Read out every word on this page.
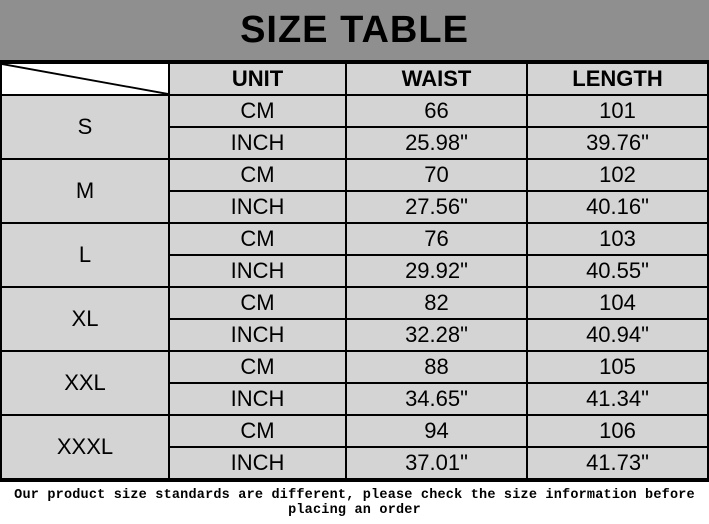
SIZE TABLE
	UNIT	WAIST	LENGTH
S	CM	66	101
	INCH	25.98"	39.76"
M	CM	70	102
	INCH	27.56"	40.16"
L	CM	76	103
	INCH	29.92"	40.55"
XL	CM	82	104
	INCH	32.28"	40.94"
XXL	CM	88	105
	INCH	34.65"	41.34"
XXXL	CM	94	106
	INCH	37.01"	41.73"
Our product size standards are different, please check the size information before placing an order
